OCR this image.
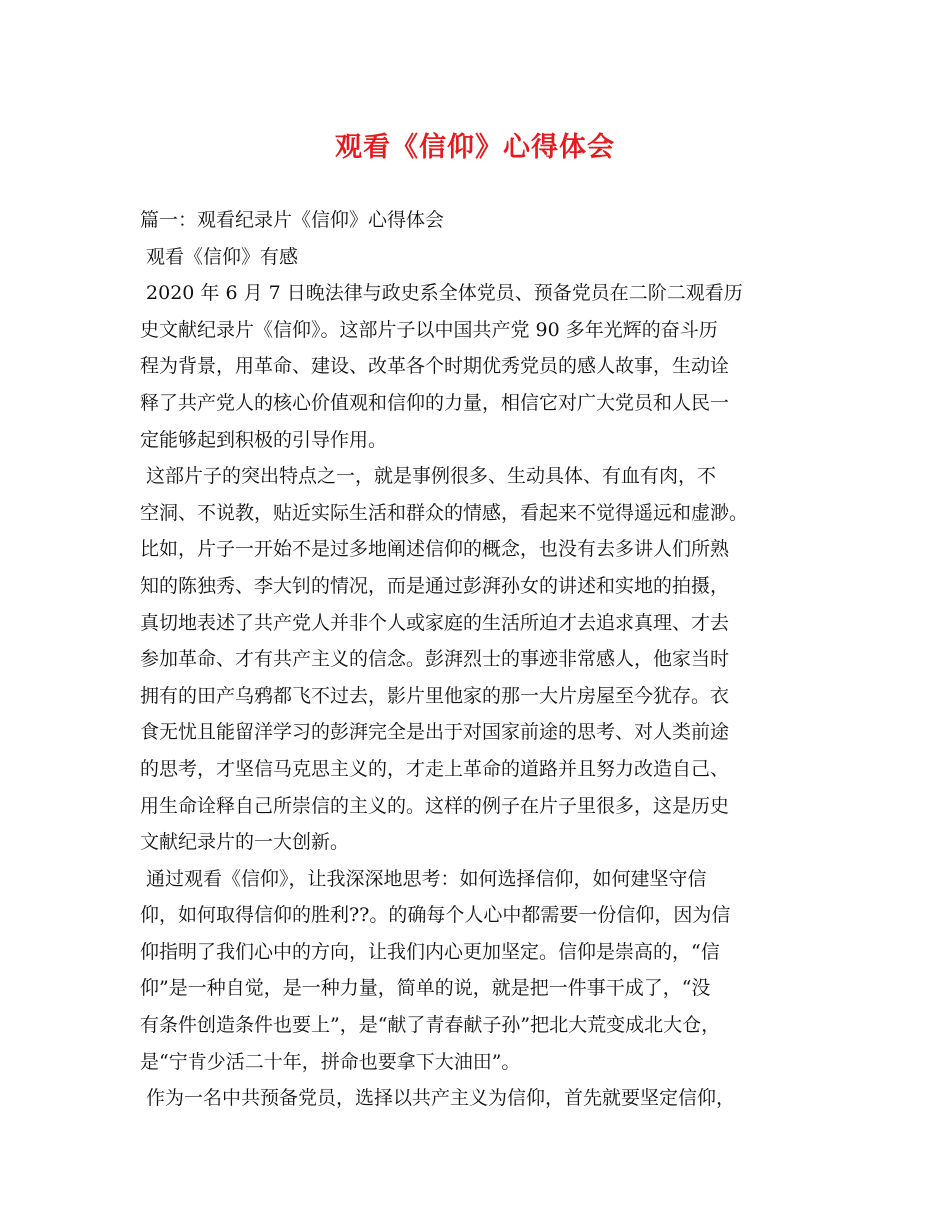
观看《信仰》心得体会
篇一：观看纪录片《信仰》心得体会
观看《信仰》有感
2020 年 6 月 7 日晚法律与政史系全体党员、预备党员在二阶二观看历
史文献纪录片《信仰》。这部片子以中国共产党 90 多年光辉的奋斗历
程为背景，用革命、建设、改革各个时期优秀党员的感人故事，生动诠
释了共产党人的核心价值观和信仰的力量，相信它对广大党员和人民一
定能够起到积极的引导作用。
这部片子的突出特点之一，就是事例很多、生动具体、有血有肉，不
空洞、不说教，贴近实际生活和群众的情感，看起来不觉得遥远和虚渺。
比如，片子一开始不是过多地阐述信仰的概念，也没有去多讲人们所熟
知的陈独秀、李大钊的情况，而是通过彭湃孙女的讲述和实地的拍摄，
真切地表述了共产党人并非个人或家庭的生活所迫才去追求真理、才去
参加革命、才有共产主义的信念。彭湃烈士的事迹非常感人，他家当时
拥有的田产乌鸦都飞不过去，影片里他家的那一大片房屋至今犹存。衣
食无忧且能留洋学习的彭湃完全是出于对国家前途的思考、对人类前途
的思考，才坚信马克思主义的，才走上革命的道路并且努力改造自己、
用生命诠释自己所崇信的主义的。这样的例子在片子里很多，这是历史
文献纪录片的一大创新。
通过观看《信仰》，让我深深地思考：如何选择信仰，如何建坚守信
仰，如何取得信仰的胜利??。的确每个人心中都需要一份信仰，因为信
仰指明了我们心中的方向，让我们内心更加坚定。信仰是崇高的，“信
仰”是一种自觉，是一种力量，简单的说，就是把一件事干成了，“没
有条件创造条件也要上”，是“献了青春献子孙”把北大荒变成北大仓，
是“宁肯少活二十年，拼命也要拿下大油田”。
作为一名中共预备党员，选择以共产主义为信仰，首先就要坚定信仰，
